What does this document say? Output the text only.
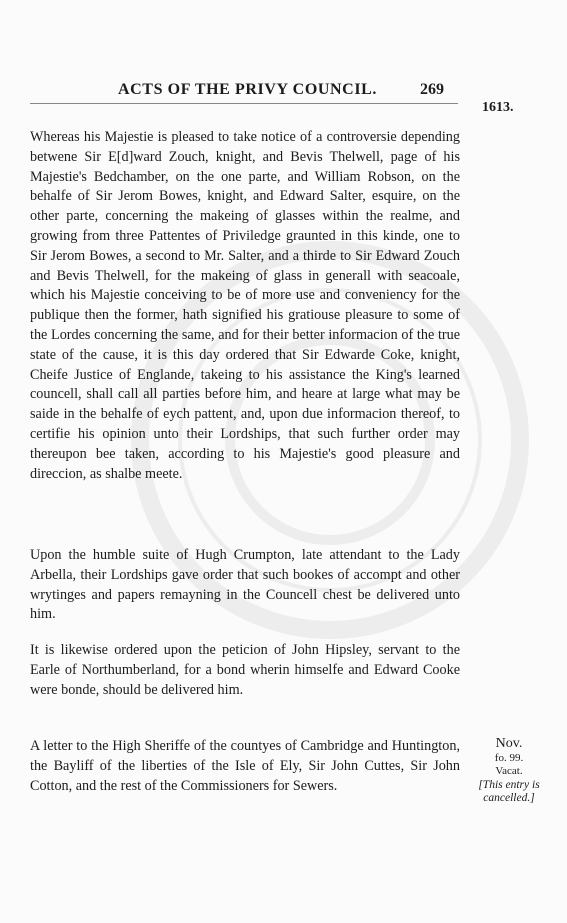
ACTS OF THE PRIVY COUNCIL.	269
1613.

Whereas his Majestie is pleased to take notice of a controversie depending betwene Sir E[d]ward Zouch, knight, and Bevis Thelwell, page of his Majestie's Bedchamber, on the one parte, and William Robson, on the behalfe of Sir Jerom Bowes, knight, and Edward Salter, esquire, on the other parte, concerning the makeing of glasses within the realme, and growing from three Pattentes of Priviledge graunted in this kinde, one to Sir Jerom Bowes, a second to Mr. Salter, and a thirde to Sir Edward Zouch and Bevis Thelwell, for the makeing of glass in generall with seacoale, which his Majestie conceiving to be of more use and conveniency for the publique then the former, hath signified his gratiouse pleasure to some of the Lordes concerning the same, and for their better informacion of the true state of the cause, it is this day ordered that Sir Edwarde Coke, knight, Cheife Justice of Englande, takeing to his assistance the King's learned councell, shall call all parties before him, and heare at large what may be saide in the behalfe of eych pattent, and, upon due informacion thereof, to certifie his opinion unto their Lordships, that such further order may thereupon bee taken, according to his Majestie's good pleasure and direccion, as shalbe meete.

Upon the humble suite of Hugh Crumpton, late attendant to the Lady Arbella, their Lordships gave order that such bookes of accompt and other wrytinges and papers remayning in the Councell chest be delivered unto him.

It is likewise ordered upon the peticion of John Hipsley, servant to the Earle of Northumberland, for a bond wherin himselfe and Edward Cooke were bonde, should be delivered him.

A letter to the High Sheriffe of the countyes of Cambridge and Huntington, the Bayliff of the liberties of the Isle of Ely, Sir John Cuttes, Sir John Cotton, and the rest of the Commissioners for Sewers.

Nov.
fo. 99.
Vacat.
[This entry is cancelled.]
